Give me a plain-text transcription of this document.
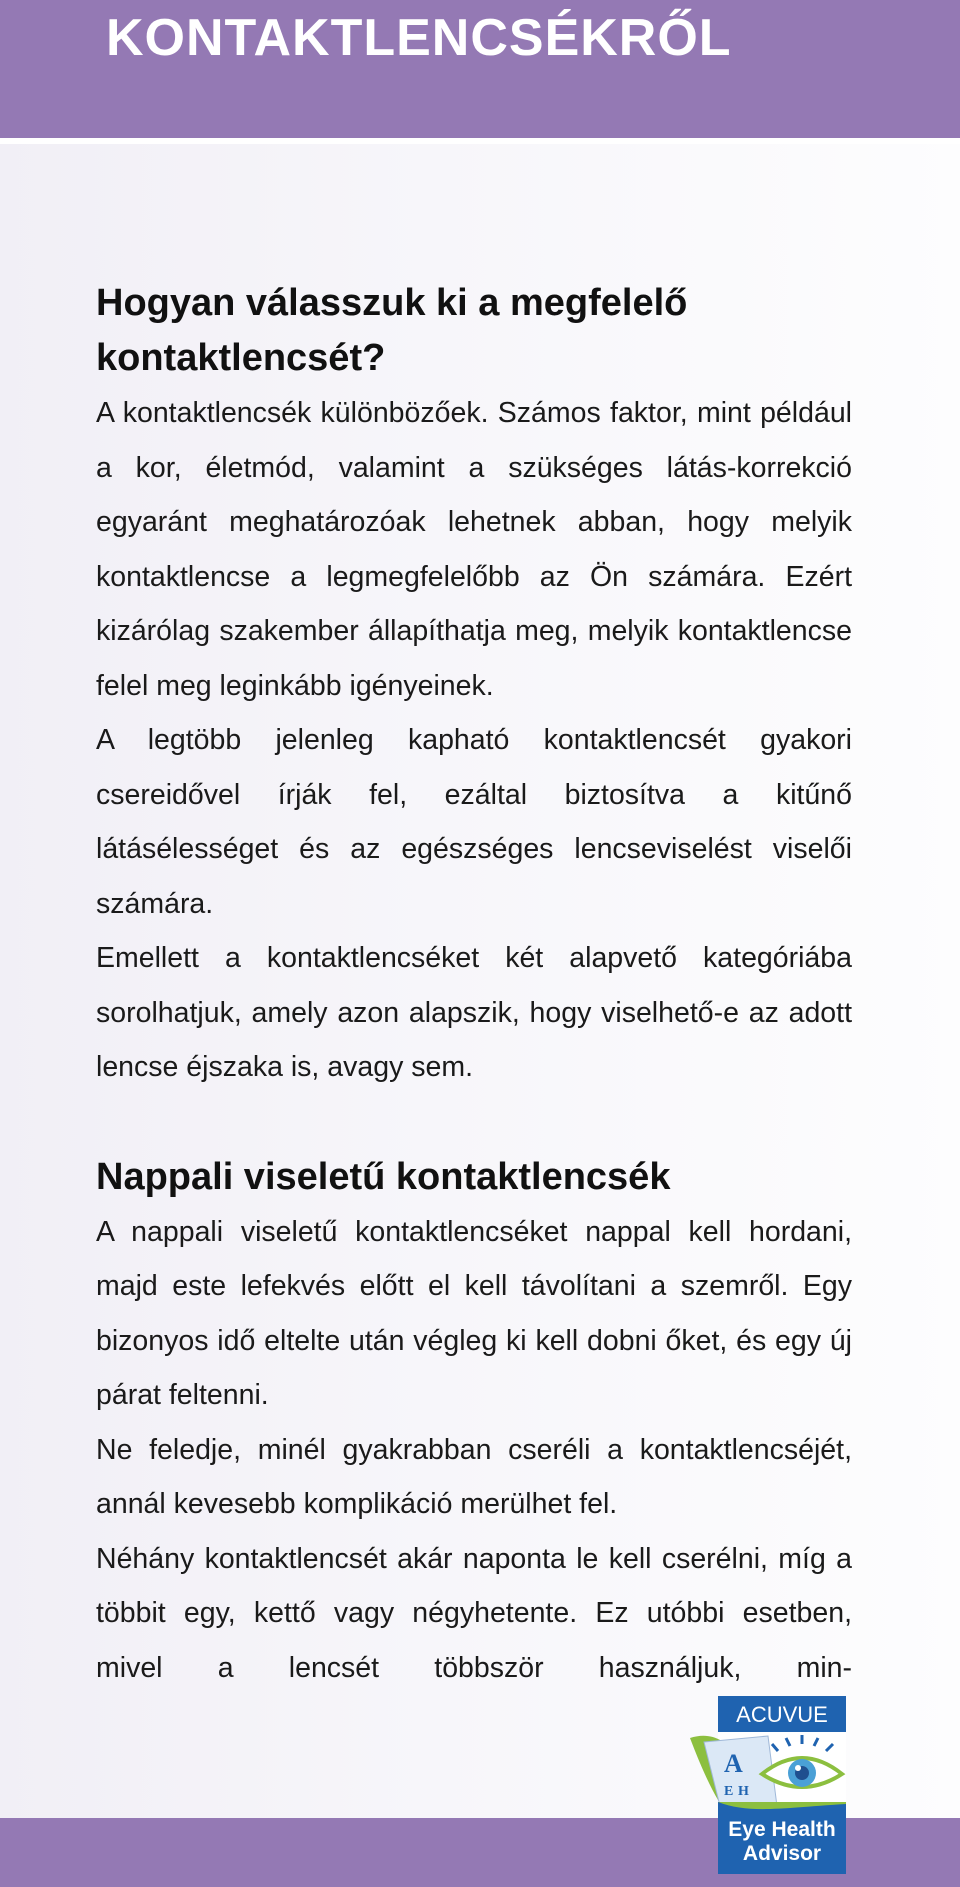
KONTAKTLENCSÉKRŐL
Hogyan válasszuk ki a megfelelő kontaktlencsét?

A kontaktlencsék különbözőek. Számos faktor, mint például a kor, életmód, valamint a szükséges látás-korrekció egyaránt meghatározóak lehetnek abban, hogy melyik kontaktlencse a legmegfelelőbb az Ön számára. Ezért kizárólag szakember állapíthatja meg, melyik kontaktlencse felel meg leginkább igényeinek.

A legtöbb jelenleg kapható kontaktlencsét gyakori csereidővel írják fel, ezáltal biztosítva a kitűnő látásélességet és az egészséges lencseviselést viselői számára.

Emellett a kontaktlencséket két alapvető kategóriába sorolhatjuk, amely azon alapszik, hogy viselhető-e az adott lencse éjszaka is, avagy sem.

Nappali viseletű kontaktlencsék

A nappali viseletű kontaktlencséket nappal kell hordani, majd este lefekvés előtt el kell távolítani a szemről. Egy bizonyos idő eltelte után végleg ki kell dobni őket, és egy új párat feltenni.

Ne feledje, minél gyakrabban cseréli a kontaktlencséjét, annál kevesebb komplikáció merülhet fel.

Néhány kontaktlencsét akár naponta le kell cserélni, míg a többit egy, kettő vagy négyhetente. Ez utóbbi esetben, mivel a lencsét többször használjuk, min-

ACUVUE
A
E H
Eye Health
Advisor
